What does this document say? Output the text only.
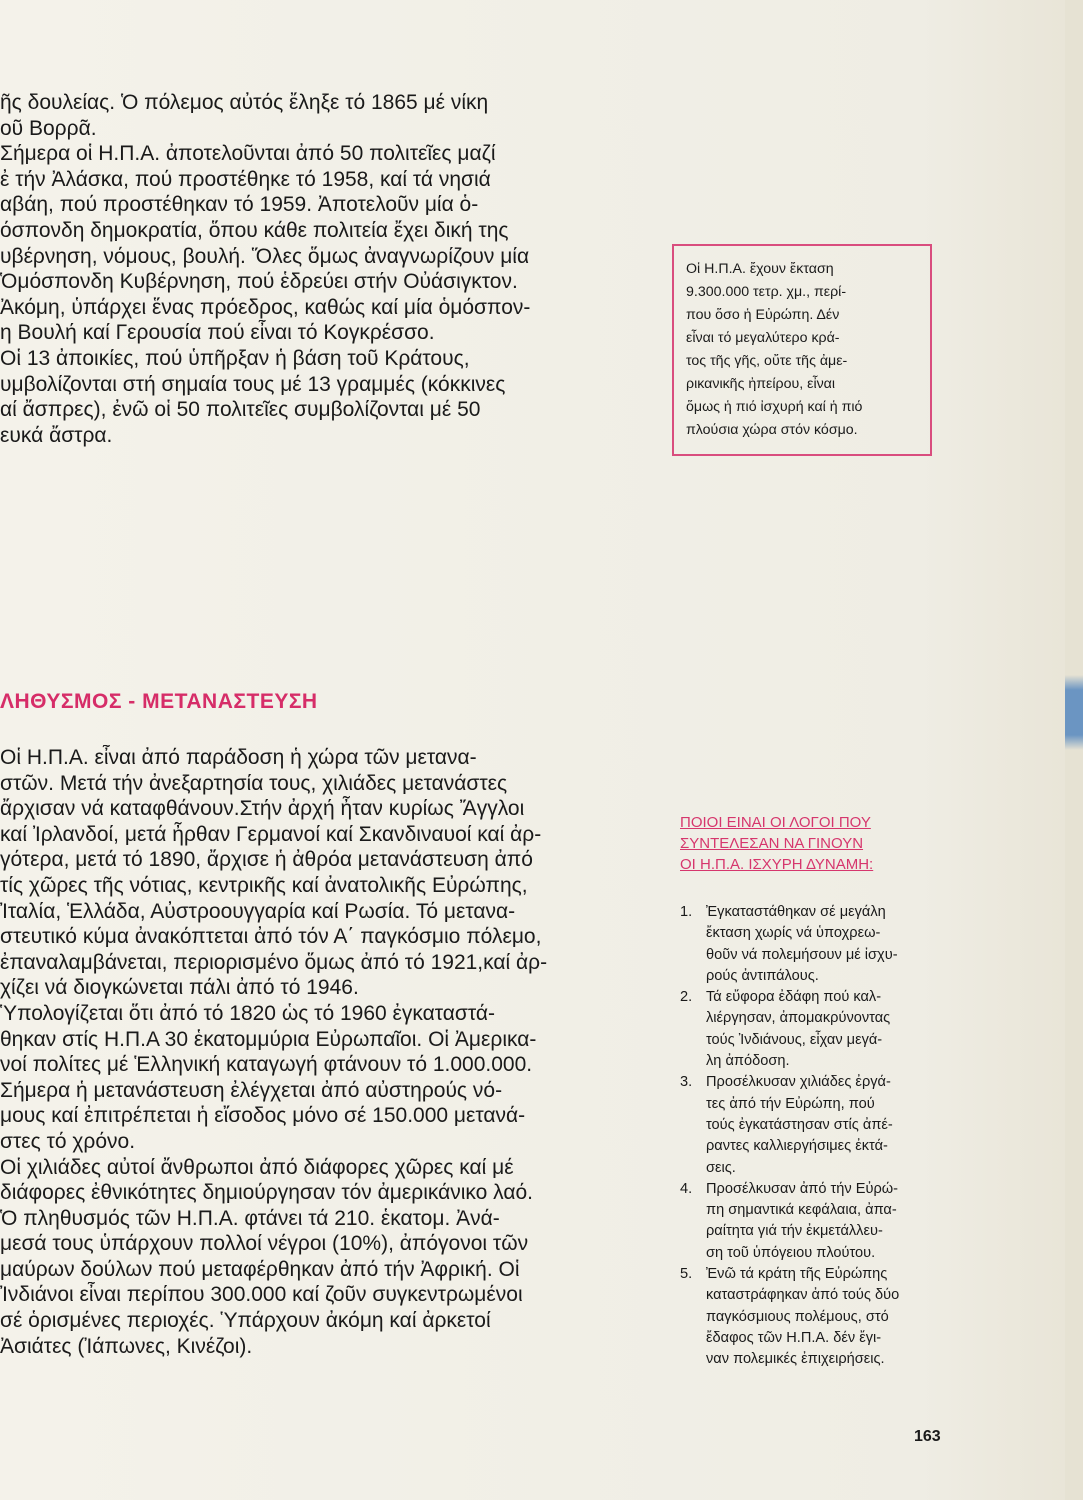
ῆς δουλείας. Ὁ πόλεμος αὐτός ἔληξε τό 1865 μέ νίκη
οῦ Βορρᾶ.
Σήμερα οἱ Η.Π.Α. ἀποτελοῦνται ἀπό 50 πολιτεῖες μαζί
ἐ τήν Ἀλάσκα, πού προστέθηκε τό 1958, καί τά νησιά
αβάη, πού προστέθηκαν τό 1959. Ἀποτελοῦν μία ὁ-
όσπονδη δημοκρατία, ὅπου κάθε πολιτεία ἔχει δική της
υβέρνηση, νόμους, βουλή. Ὅλες ὅμως ἀναγνωρίζουν μία
Ὁμόσπονδη Κυβέρνηση, πού ἑδρεύει στήν Οὐάσιγκτον.
Ἀκόμη, ὑπάρχει ἕνας πρόεδρος, καθώς καί μία ὁμόσπον-
η Βουλή καί Γερουσία πού εἶναι τό Κογκρέσσο.
Οἱ 13 ἀποικίες, πού ὑπῆρξαν ἡ βάση τοῦ Κράτους,
υμβολίζονται στή σημαία τους μέ 13 γραμμές (κόκκινες
αί ἄσπρες), ἐνῶ οἱ 50 πολιτεῖες συμβολίζονται μέ 50
ευκά ἄστρα.
Οἱ Η.Π.Α. ἔχουν ἔκταση
9.300.000 τετρ. χμ., περί-
που ὅσο ἡ Εὐρώπη. Δέν
εἶναι τό μεγαλύτερο κρά-
τος τῆς γῆς, οὔτε τῆς ἀμε-
ρικανικῆς ἠπείρου, εἶναι
ὅμως ἡ πιό ἰσχυρή καί ἡ πιό
πλούσια χώρα στόν κόσμο.
ΛΗΘΥΣΜΟΣ - ΜΕΤΑΝΑΣΤΕΥΣΗ
Οἱ Η.Π.Α. εἶναι ἀπό παράδοση ἡ χώρα τῶν μετανα-
στῶν. Μετά τήν ἀνεξαρτησία τους, χιλιάδες μετανάστες
ἄρχισαν νά καταφθάνουν.Στήν ἀρχή ἦταν κυρίως Ἄγγλοι
καί Ἰρλανδοί, μετά ἦρθαν Γερμανοί καί Σκανδιναυοί καί ἀρ-
γότερα, μετά τό 1890, ἄρχισε ἡ ἀθρόα μετανάστευση ἀπό
τίς χῶρες τῆς νότιας, κεντρικῆς καί ἀνατολικῆς Εὐρώπης,
Ἰταλία, Ἑλλάδα, Αὐστροουγγαρία καί Ρωσία. Τό μετανα-
στευτικό κύμα ἀνακόπτεται ἀπό τόν Α΄ παγκόσμιο πόλεμο,
ἐπαναλαμβάνεται, περιορισμένο ὅμως ἀπό τό 1921,καί ἀρ-
χίζει νά διογκώνεται πάλι ἀπό τό 1946.
Ὑπολογίζεται ὅτι ἀπό τό 1820 ὡς τό 1960 ἐγκαταστά-
θηκαν στίς Η.Π.Α 30 ἑκατομμύρια Εὐρωπαῖοι. Οἱ Ἀμερικα-
νοί πολίτες μέ Ἑλληνική καταγωγή φτάνουν τό 1.000.000.
Σήμερα ἡ μετανάστευση ἐλέγχεται ἀπό αὐστηρούς νό-
μους καί ἐπιτρέπεται ἡ εἴσοδος μόνο σέ 150.000 μετανά-
στες τό χρόνο.
Οἱ χιλιάδες αὐτοί ἄνθρωποι ἀπό διάφορες χῶρες καί μέ
διάφορες ἐθνικότητες δημιούργησαν τόν ἀμερικάνικο λαό.
Ὁ πληθυσμός τῶν Η.Π.Α. φτάνει τά 210. ἑκατομ. Ἀνά-
μεσά τους ὑπάρχουν πολλοί νέγροι (10%), ἀπόγονοι τῶν
μαύρων δούλων πού μεταφέρθηκαν ἀπό τήν Ἀφρική. Οἱ
Ἰνδιάνοι εἶναι περίπου 300.000 καί ζοῦν συγκεντρωμένοι
σέ ὁρισμένες περιοχές. Ὑπάρχουν ἀκόμη καί ἀρκετοί
Ἀσιάτες (Ἰάπωνες, Κινέζοι).
ΠΟΙΟΙ ΕΙΝΑΙ ΟΙ ΛΟΓΟΙ ΠΟΥ
ΣΥΝΤΕΛΕΣΑΝ ΝΑ ΓΙΝΟΥΝ
ΟΙ Η.Π.Α. ΙΣΧΥΡΗ ΔΥΝΑΜΗ:
1. Ἐγκαταστάθηκαν σέ μεγάλη
ἔκταση χωρίς νά ὑποχρεω-
θοῦν νά πολεμήσουν μέ ἰσχυ-
ρούς ἀντιπάλους.
2. Τά εὔφορα ἐδάφη πού καλ-
λιέργησαν, ἀπομακρύνοντας
τούς Ἰνδιάνους, εἶχαν μεγά-
λη ἀπόδοση.
3. Προσέλκυσαν χιλιάδες ἐργά-
τες ἀπό τήν Εὐρώπη, πού
τούς ἐγκατάστησαν στίς ἀπέ-
ραντες καλλιεργήσιμες ἐκτά-
σεις.
4. Προσέλκυσαν ἀπό τήν Εὐρώ-
πη σημαντικά κεφάλαια, ἀπα-
ραίτητα γιά τήν ἐκμετάλλευ-
ση τοῦ ὑπόγειου πλούτου.
5. Ἐνῶ τά κράτη τῆς Εὐρώπης
καταστράφηκαν ἀπό τούς δύο
παγκόσμιους πολέμους, στό
ἔδαφος τῶν Η.Π.Α. δέν ἔγι-
ναν πολεμικές ἐπιχειρήσεις.
163
